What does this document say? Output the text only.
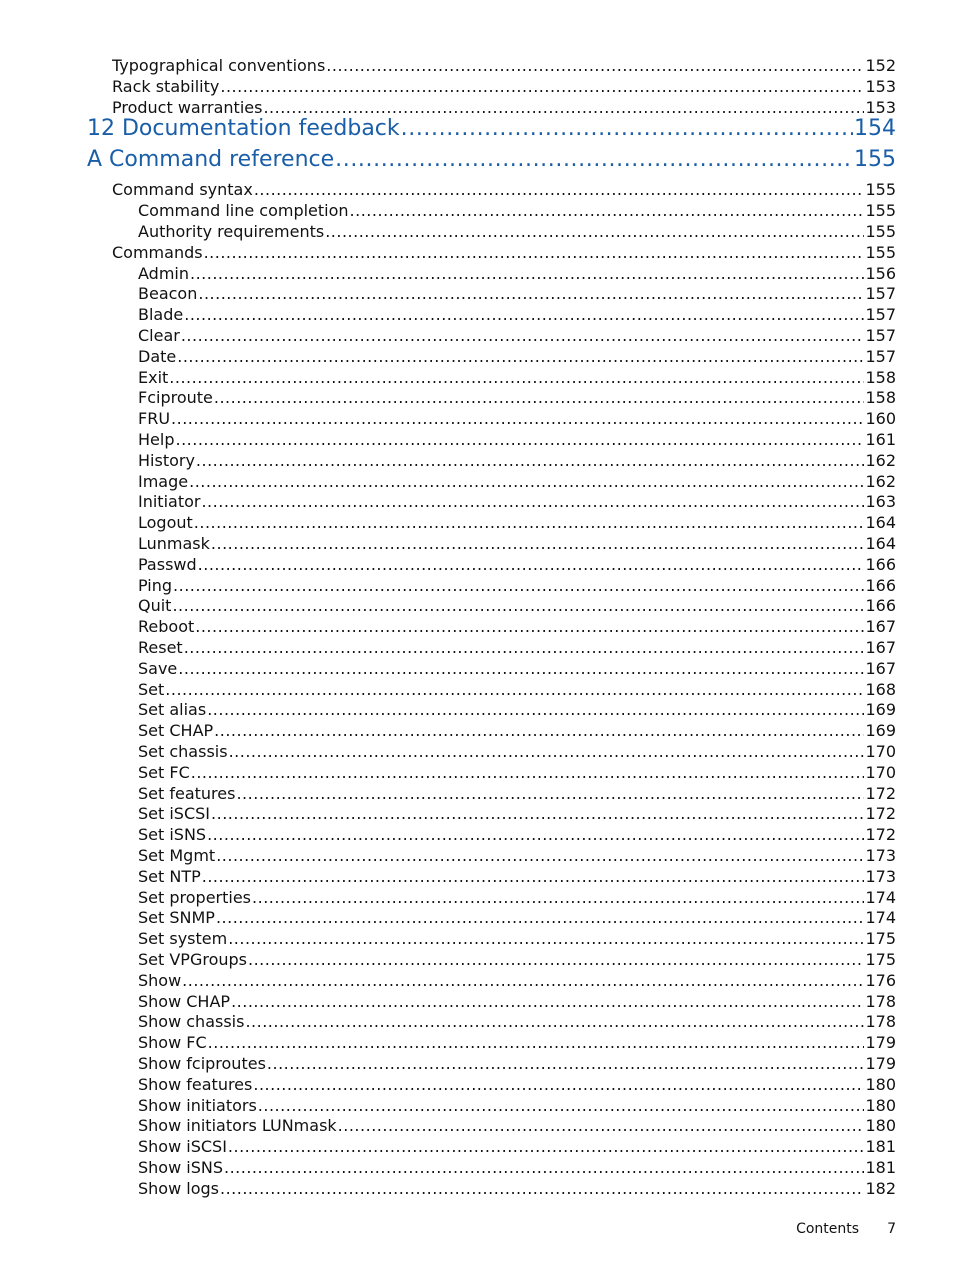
Typographical conventions .....	152
Rack stability .....	153
Product warranties .....	153
12 Documentation feedback .....	154
A Command reference .....	155
Command syntax .....	155
Command line completion .....	155
Authority requirements .....	155
Commands .....	155
Admin .....	156
Beacon .....	157
Blade .....	157
Clear .....	157
Date .....	157
Exit .....	158
Fciproute .....	158
FRU .....	160
Help .....	161
History .....	162
Image .....	162
Initiator .....	163
Logout .....	164
Lunmask .....	164
Passwd .....	166
Ping .....	166
Quit .....	166
Reboot .....	167
Reset .....	167
Save .....	167
Set .....	168
Set alias .....	169
Set CHAP .....	169
Set chassis .....	170
Set FC .....	170
Set features .....	172
Set iSCSI .....	172
Set iSNS .....	172
Set Mgmt .....	173
Set NTP .....	173
Set properties .....	174
Set SNMP .....	174
Set system .....	175
Set VPGroups .....	175
Show .....	176
Show CHAP .....	178
Show chassis .....	178
Show FC .....	179
Show fciproutes .....	179
Show features .....	180
Show initiators .....	180
Show initiators LUNmask .....	180
Show iSCSI .....	181
Show iSNS .....	181
Show logs .....	182
Contents 7
